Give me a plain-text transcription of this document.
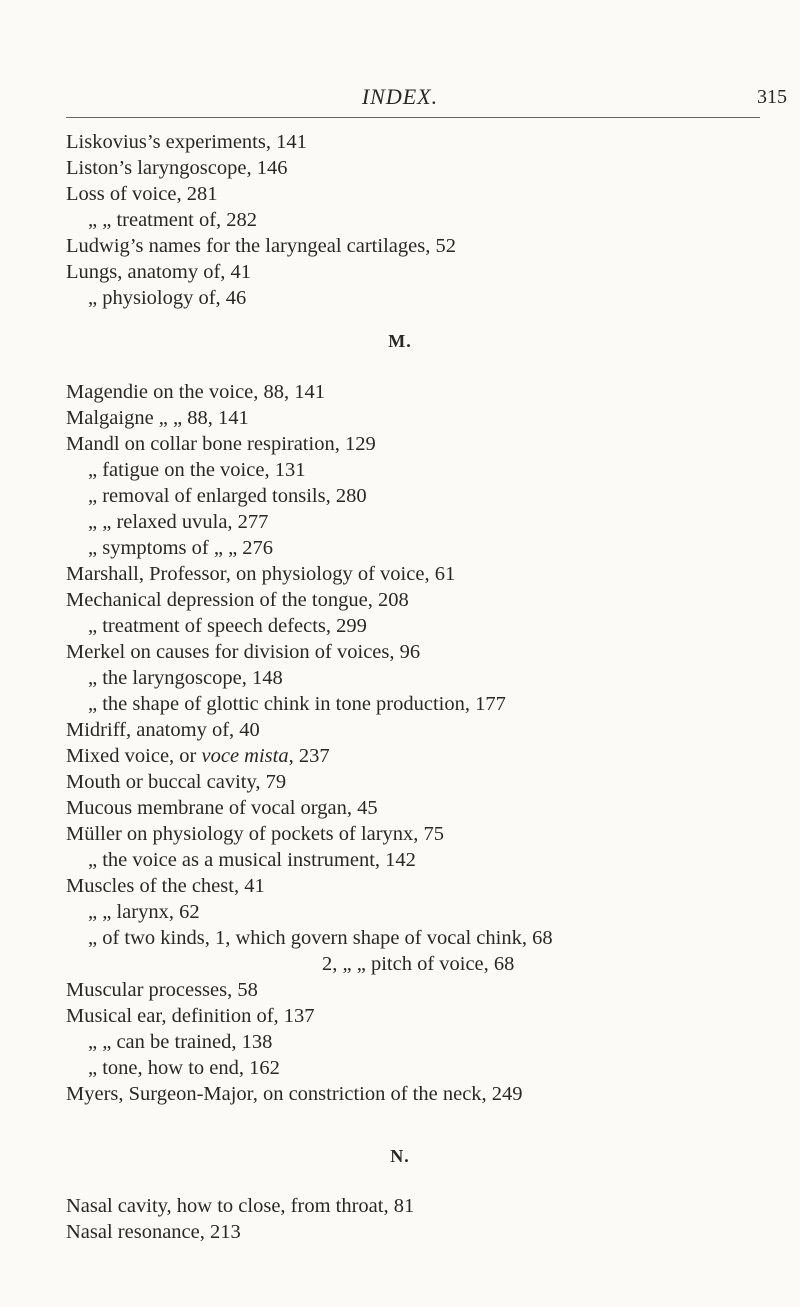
INDEX.	315
Liskovius’s experiments, 141
Liston’s laryngoscope, 146
Loss of voice, 281
„ „ treatment of, 282
Ludwig’s names for the laryngeal cartilages, 52
Lungs, anatomy of, 41
„ physiology of, 46
M.
Magendie on the voice, 88, 141
Malgaigne „ „ 88, 141
Mandl on collar bone respiration, 129
„ fatigue on the voice, 131
„ removal of enlarged tonsils, 280
„ „ relaxed uvula, 277
„ symptoms of „ „ 276
Marshall, Professor, on physiology of voice, 61
Mechanical depression of the tongue, 208
„ treatment of speech defects, 299
Merkel on causes for division of voices, 96
„ the laryngoscope, 148
„ the shape of glottic chink in tone production, 177
Midriff, anatomy of, 40
Mixed voice, or voce mista, 237
Mouth or buccal cavity, 79
Mucous membrane of vocal organ, 45
Müller on physiology of pockets of larynx, 75
„ the voice as a musical instrument, 142
Muscles of the chest, 41
„ „ larynx, 62
„ of two kinds, 1, which govern shape of vocal chink, 68
2, „ „ pitch of voice, 68
Muscular processes, 58
Musical ear, definition of, 137
„ „ can be trained, 138
„ tone, how to end, 162
Myers, Surgeon-Major, on constriction of the neck, 249
N.
Nasal cavity, how to close, from throat, 81
Nasal resonance, 213
